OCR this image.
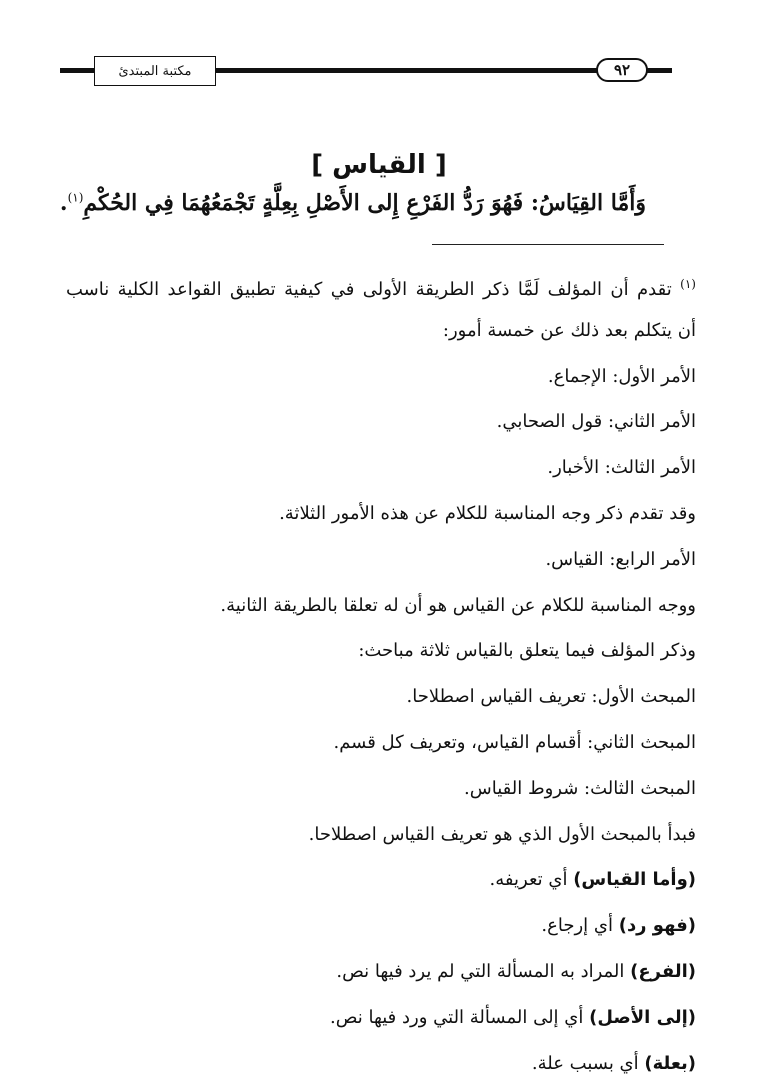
مكتبة المبتدئ	٩٢
[ القياس ]
وَأَمَّا القِيَاسُ: فَهُوَ رَدُّ الفَرْعِ إِلى الأَصْلِ بِعِلَّةٍ تَجْمَعُهُمَا فِي الحُكْمِ$^{(١)}$.
$^{(١)}$ تقدم أن المؤلف لَمَّا ذكر الطريقة الأولى في كيفية تطبيق القواعد الكلية ناسب
أن يتكلم بعد ذلك عن خمسة أمور:
الأمر الأول: الإجماع.
الأمر الثاني: قول الصحابي.
الأمر الثالث: الأخبار.
وقد تقدم ذكر وجه المناسبة للكلام عن هذه الأمور الثلاثة.
الأمر الرابع: القياس.
ووجه المناسبة للكلام عن القياس هو أن له تعلقا بالطريقة الثانية.
وذكر المؤلف فيما يتعلق بالقياس ثلاثة مباحث:
المبحث الأول: تعريف القياس اصطلاحا.
المبحث الثاني: أقسام القياس، وتعريف كل قسم.
المبحث الثالث: شروط القياس.
فبدأ بالمبحث الأول الذي هو تعريف القياس اصطلاحا.
(وأما القياس) أي تعريفه.
(فهو رد) أي إرجاع.
(الفرع) المراد به المسألة التي لم يرد فيها نص.
(إلى الأصل) أي إلى المسألة التي ورد فيها نص.
(بعلة) أي بسبب علة.
